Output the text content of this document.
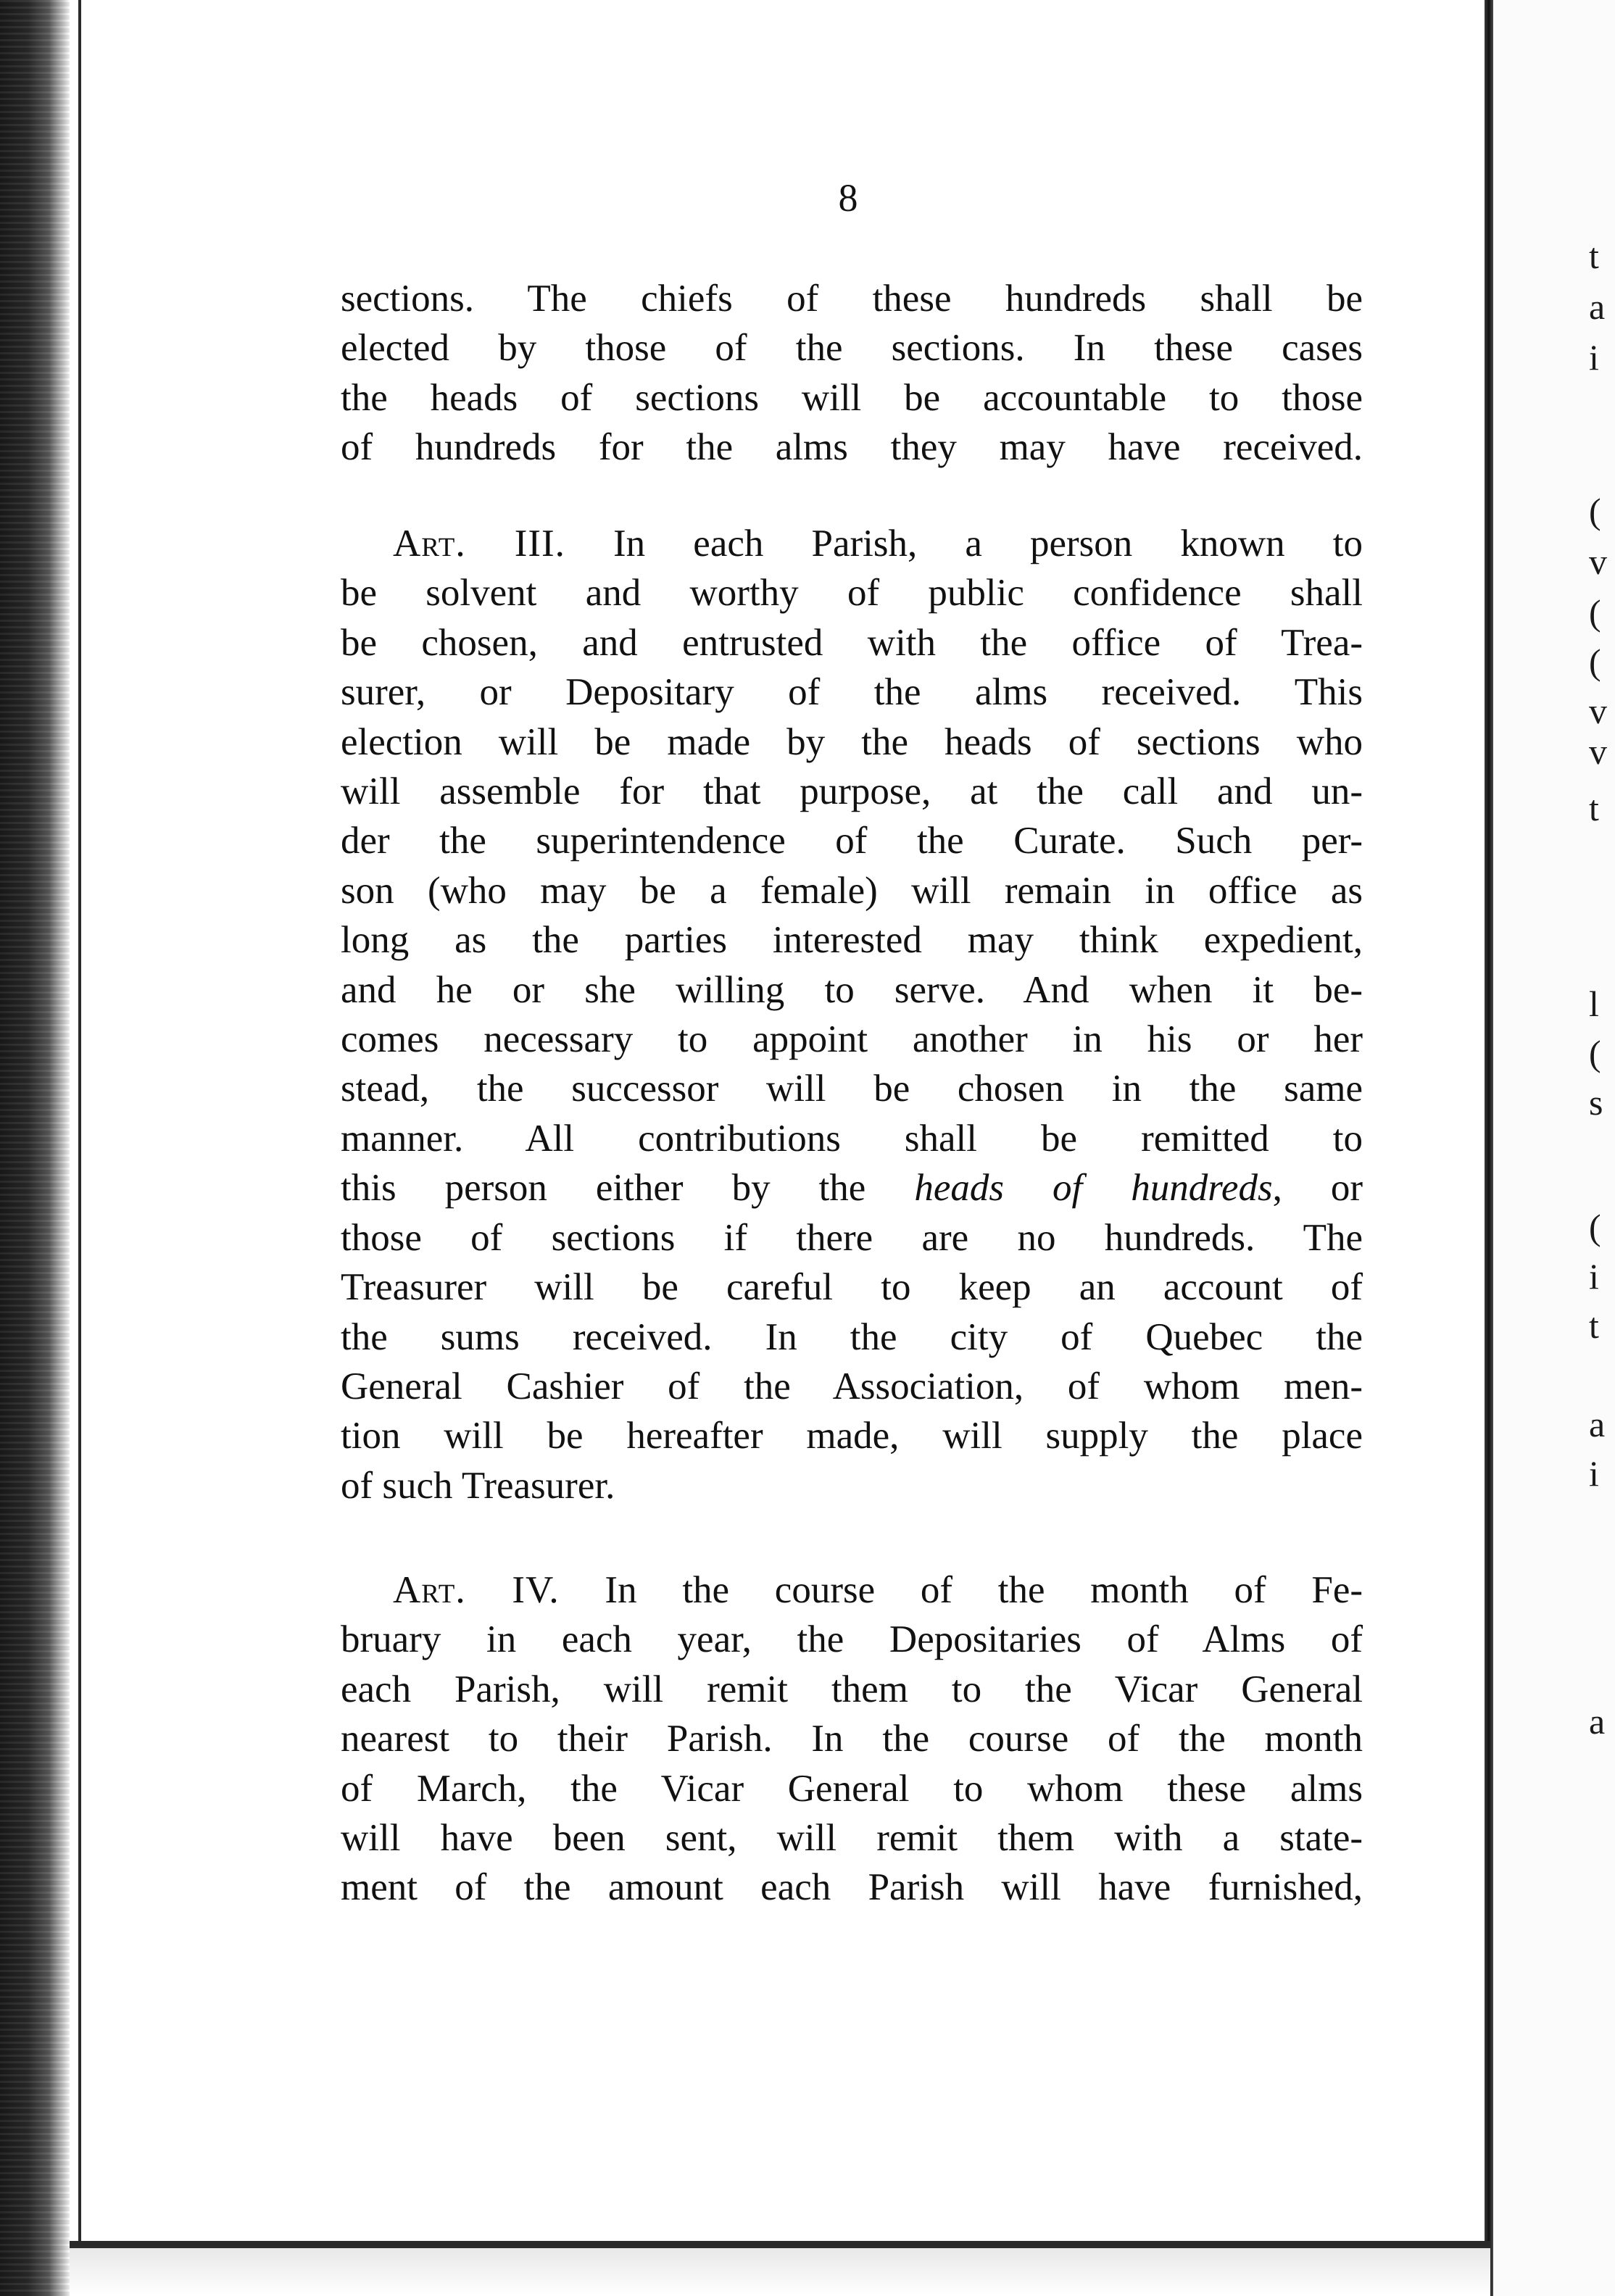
t
a
i
(
v
(
(
v
v
t
l
(
s
(
i
t
a
i
a
8
sections. The chiefs of these hundreds shall be
elected by those of the sections. In these cases
the heads of sections will be accountable to those
of hundreds for the alms they may have received.
Art. III. In each Parish, a person known to
be solvent and worthy of public confidence shall
be chosen, and entrusted with the office of Trea-
surer, or Depositary of the alms received. This
election will be made by the heads of sections who
will assemble for that purpose, at the call and un-
der the superintendence of the Curate. Such per-
son (who may be a female) will remain in office as
long as the parties interested may think expedient,
and he or she willing to serve. And when it be-
comes necessary to appoint another in his or her
stead, the successor will be chosen in the same
manner. All contributions shall be remitted to
this person either by the heads of hundreds, or
those of sections if there are no hundreds. The
Treasurer will be careful to keep an account of
the sums received. In the city of Quebec the
General Cashier of the Association, of whom men-
tion will be hereafter made, will supply the place
of such Treasurer.
Art. IV. In the course of the month of Fe-
bruary in each year, the Depositaries of Alms of
each Parish, will remit them to the Vicar General
nearest to their Parish. In the course of the month
of March, the Vicar General to whom these alms
will have been sent, will remit them with a state-
ment of the amount each Parish will have furnished,
